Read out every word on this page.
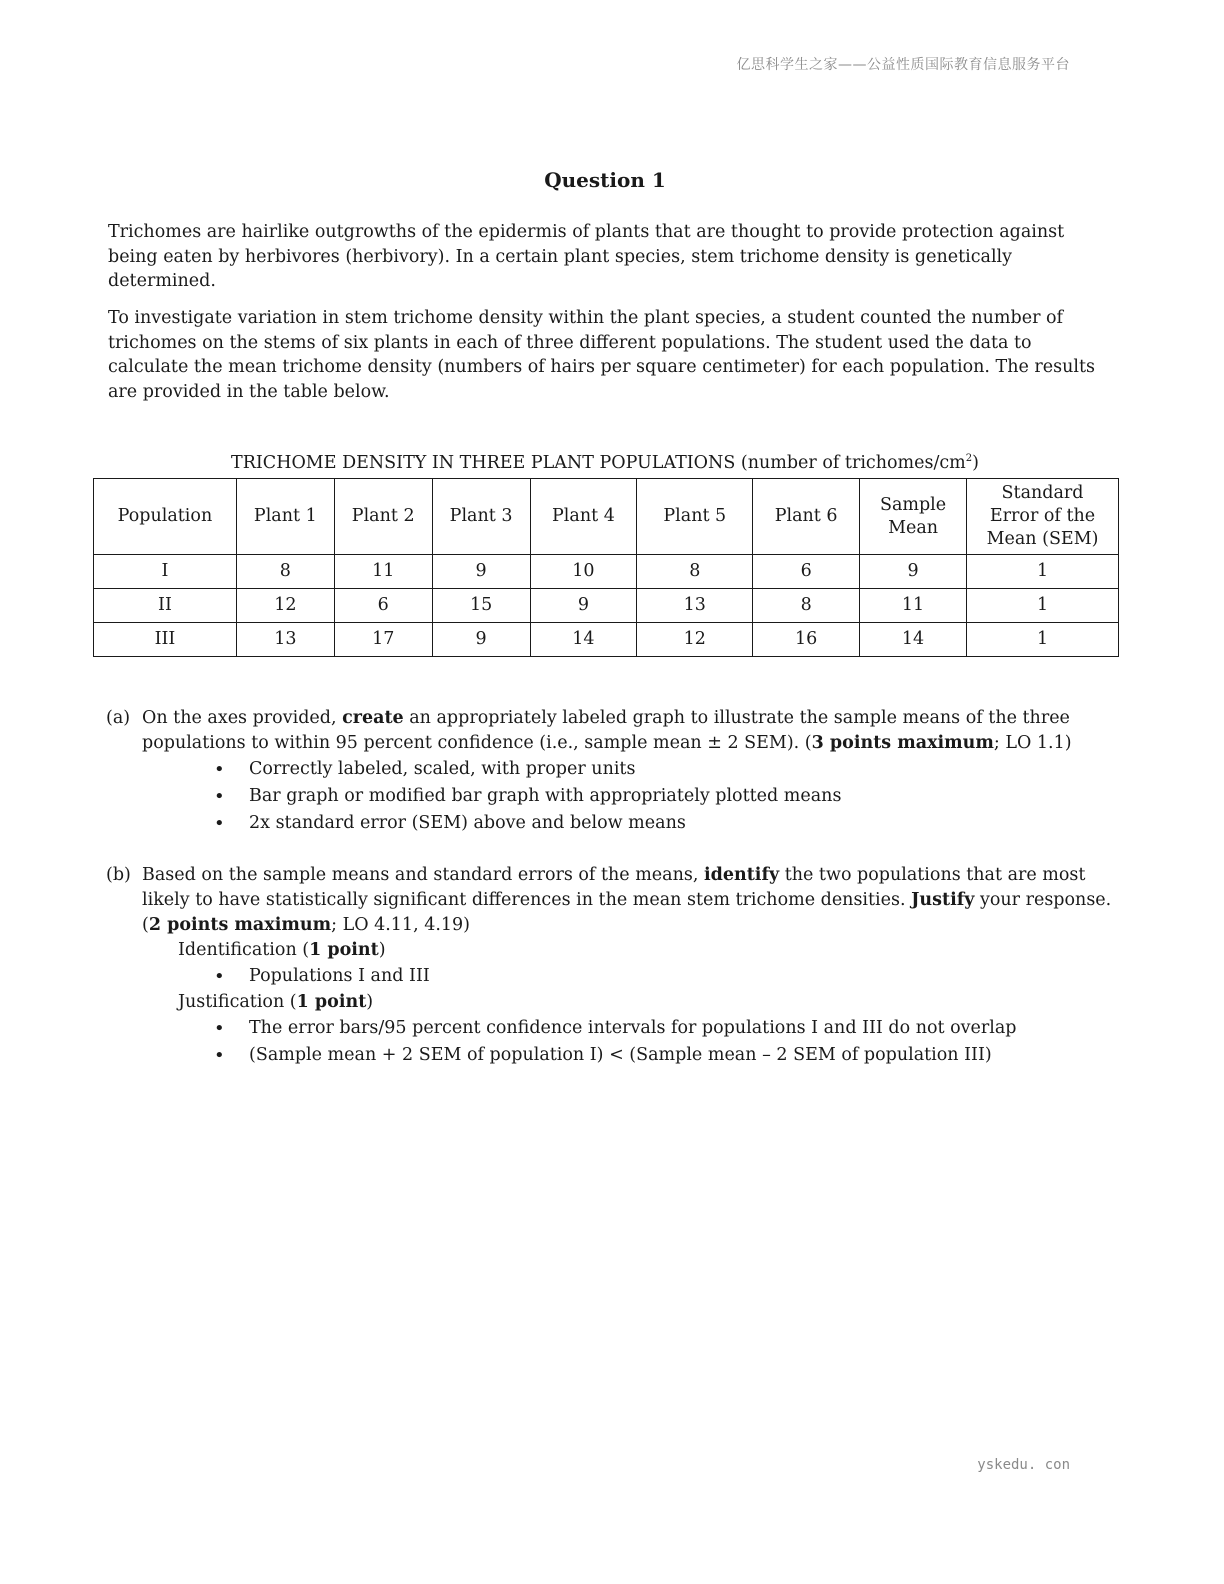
亿思科学生之家——公益性质国际教育信息服务平台
Question 1

Trichomes are hairlike outgrowths of the epidermis of plants that are thought to provide protection against being eaten by herbivores (herbivory). In a certain plant species, stem trichome density is genetically determined.

To investigate variation in stem trichome density within the plant species, a student counted the number of trichomes on the stems of six plants in each of three different populations. The student used the data to calculate the mean trichome density (numbers of hairs per square centimeter) for each population. The results are provided in the table below.

TRICHOME DENSITY IN THREE PLANT POPULATIONS (number of trichomes/$cm^2$)
Population	Plant 1	Plant 2	Plant 3	Plant 4	Plant 5	Plant 6	Sample Mean	Standard Error of the Mean (SEM)
I	8	11	9	10	8	6	9	1
II	12	6	15	9	13	8	11	1
III	13	17	9	14	12	16	14	1
(a) On the axes provided, create an appropriately labeled graph to illustrate the sample means of the three populations to within 95 percent confidence (i.e., sample mean ± 2 SEM). (3 points maximum; LO 1.1)
• Correctly labeled, scaled, with proper units
• Bar graph or modified bar graph with appropriately plotted means
• 2x standard error (SEM) above and below means
(b) Based on the sample means and standard errors of the means, identify the two populations that are most likely to have statistically significant differences in the mean stem trichome densities. Justify your response. (2 points maximum; LO 4.11, 4.19)
Identification (1 point)
• Populations I and III
Justification (1 point)
• The error bars/95 percent confidence intervals for populations I and III do not overlap
• (Sample mean + 2 SEM of population I) < (Sample mean – 2 SEM of population III)
yskedu. con
